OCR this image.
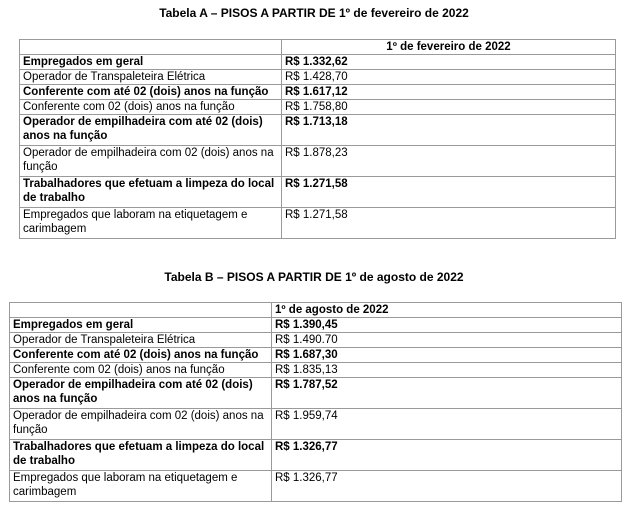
Tabela A – PISOS A PARTIR DE 1º de fevereiro de 2022
	1º de fevereiro de 2022
Empregados em geral	R$ 1.332,62
Operador de Transpaleteira Elétrica	R$ 1.428,70
Conferente com até 02 (dois) anos na função	R$ 1.617,12
Conferente com 02 (dois) anos na função	R$ 1.758,80
Operador de empilhadeira com até 02 (dois) anos na função	R$ 1.713,18
Operador de empilhadeira com 02 (dois) anos na função	R$ 1.878,23
Trabalhadores que efetuam a limpeza do local de trabalho	R$ 1.271,58
Empregados que laboram na etiquetagem e carimbagem	R$ 1.271,58
Tabela B – PISOS A PARTIR DE 1º de agosto de 2022
	1º de agosto de 2022
Empregados em geral	R$ 1.390,45
Operador de Transpaleteira Elétrica	R$ 1.490.70
Conferente com até 02 (dois) anos na função	R$ 1.687,30
Conferente com 02 (dois) anos na função	R$ 1.835,13
Operador de empilhadeira com até 02 (dois) anos na função	R$ 1.787,52
Operador de empilhadeira com 02 (dois) anos na função	R$ 1.959,74
Trabalhadores que efetuam a limpeza do local de trabalho	R$ 1.326,77
Empregados que laboram na etiquetagem e carimbagem	R$ 1.326,77
